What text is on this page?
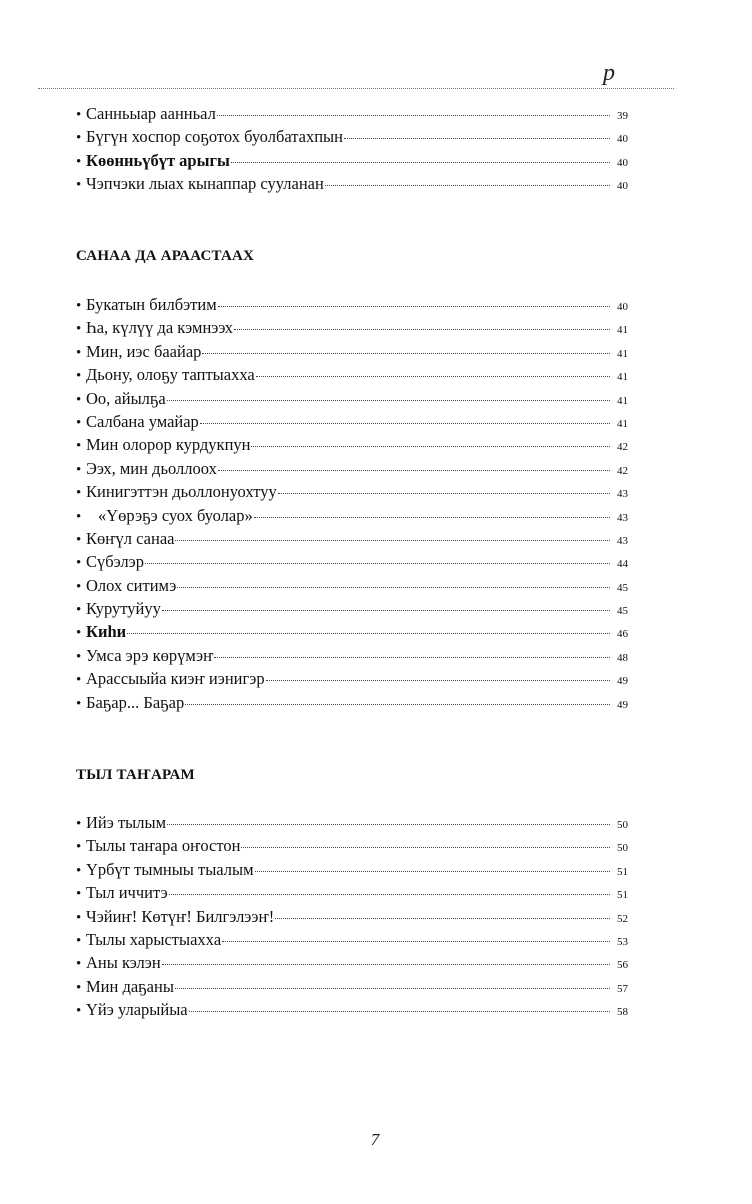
p
• Санньыар аанньал	39
• Бүгүн хоспор соҕотох буолбатахпын	40
• Көөнньүбүт арыгы	40
• Чэпчэки лыах кынаппар сууланан	40
САНАА ДА АРААСТААХ
• Букатын билбэтим	40
• Һа, күлүү да кэмнээх	41
• Мин, иэс баайар	41
• Дьону, олоҕу таптыахха	41
• Оо, айылҕа	41
• Салбана умайар	41
• Мин олорор курдукпун	42
• Ээх, мин дьоллоох	42
• Кинигэттэн дьоллонуохтуу	43
•	«Үөрэҕэ суох буолар»	43
• Көҥүл санаа	43
• Сүбэлэр	44
• Олох ситимэ	45
• Курутуйуу	45
• Киһи	46
• Умса эрэ көрүмэҥ	48
• Арассыыйа киэҥ иэнигэр	49
• Баҕар... Баҕар	49
ТЫЛ ТАҤАРАМ
• Ийэ тылым	50
• Тылы таҥара оҥостон	50
• Үрбүт тымныы тыалым	51
• Тыл иччитэ	51
• Чэйиҥ! Көтүҥ! Билгэлээҥ!	52
• Тылы харыстыаххa	53
• Аны кэлэн	56
• Мин даҕаны	57
• Үйэ уларыйыа	58
7
